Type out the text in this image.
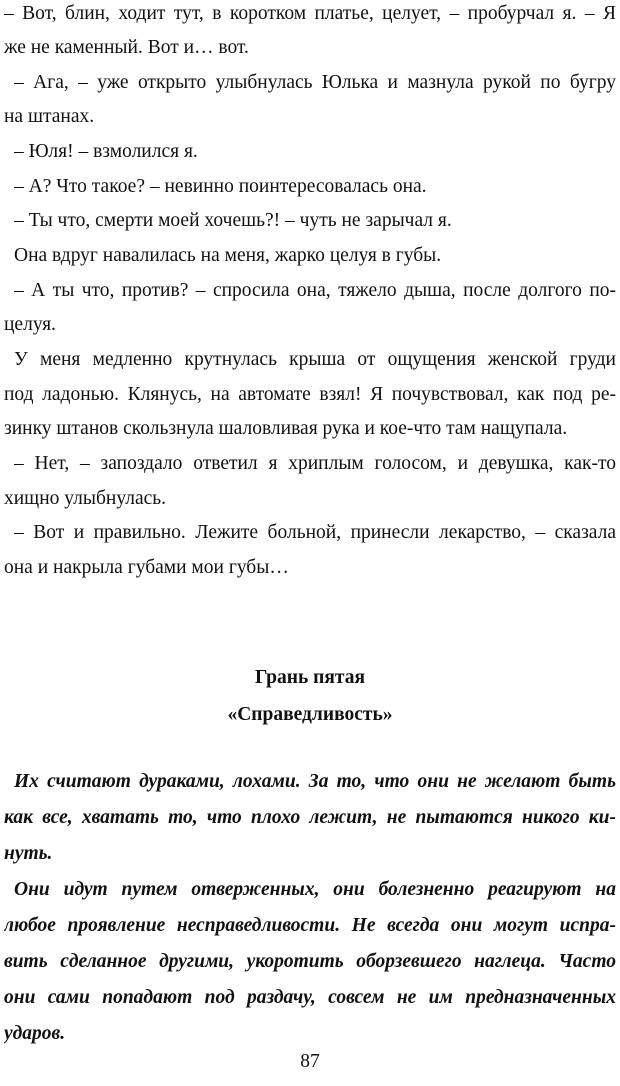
– Вот, блин, ходит тут, в коротком платье, целует, – пробурчал я. – Я
же не каменный. Вот и… вот.
– Ага, – уже открыто улыбнулась Юлька и мазнула рукой по бугру
на штанах.
– Юля! – взмолился я.
– А? Что такое? – невинно поинтересовалась она.
– Ты что, смерти моей хочешь?! – чуть не зарычал я.
Она вдруг навалилась на меня, жарко целуя в губы.
– А ты что, против? – спросила она, тяжело дыша, после долгого по-
целуя.
У меня медленно крутнулась крыша от ощущения женской груди
под ладонью. Клянусь, на автомате взял! Я почувствовал, как под ре-
зинку штанов скользнула шаловливая рука и кое-что там нащупала.
– Нет, – запоздало ответил я хриплым голосом, и девушка, как-то
хищно улыбнулась.
– Вот и правильно. Лежите больной, принесли лекарство, – сказала
она и накрыла губами мои губы…
Грань пятая
«Справедливость»
Их считают дураками, лохами. За то, что они не желают быть
как все, хватать то, что плохо лежит, не пытаются никого ки-
нуть.
Они идут путем отверженных, они болезненно реагируют на
любое проявление несправедливости. Не всегда они могут испра-
вить сделанное другими, укоротить оборзевшего наглеца. Часто
они сами попадают под раздачу, совсем не им предназначенных
ударов.
87
